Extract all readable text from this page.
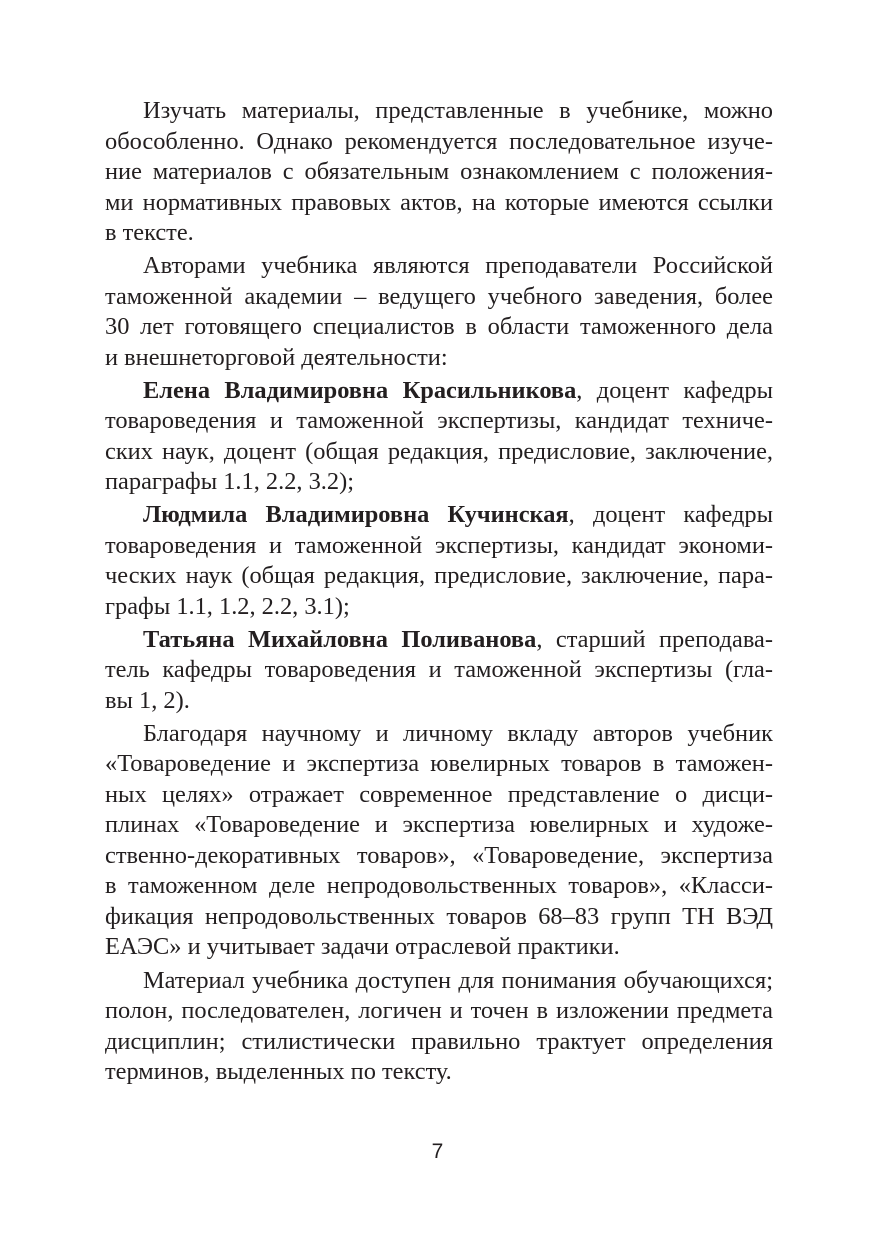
Изучать материалы, представленные в учебнике, можно
обособленно. Однако рекомендуется последовательное изуче-
ние материалов с обязательным ознакомлением с положения-
ми нормативных правовых актов, на которые имеются ссылки
в тексте.
Авторами учебника являются преподаватели Российской
таможенной академии – ведущего учебного заведения, более
30 лет готовящего специалистов в области таможенного дела
и внешнеторговой деятельности:
Елена Владимировна Красильникова, доцент кафедры
товароведения и таможенной экспертизы, кандидат техниче-
ских наук, доцент (общая редакция, предисловие, заключение,
параграфы 1.1, 2.2, 3.2);
Людмила Владимировна Кучинская, доцент кафедры
товароведения и таможенной экспертизы, кандидат экономи-
ческих наук (общая редакция, предисловие, заключение, пара-
графы 1.1, 1.2, 2.2, 3.1);
Татьяна Михайловна Поливанова, старший преподава-
тель кафедры товароведения и таможенной экспертизы (гла-
вы 1, 2).
Благодаря научному и личному вкладу авторов учебник
«Товароведение и экспертиза ювелирных товаров в таможен-
ных целях» отражает современное представление о дисци-
плинах «Товароведение и экспертиза ювелирных и художе-
ственно-декоративных товаров», «Товароведение, экспертиза
в таможенном деле непродовольственных товаров», «Класси-
фикация непродовольственных товаров 68–83 групп ТН ВЭД
ЕАЭС» и учитывает задачи отраслевой практики.
Материал учебника доступен для понимания обучающихся;
полон, последователен, логичен и точен в изложении предмета
дисциплин; стилистически правильно трактует определения
терминов, выделенных по тексту.
7
